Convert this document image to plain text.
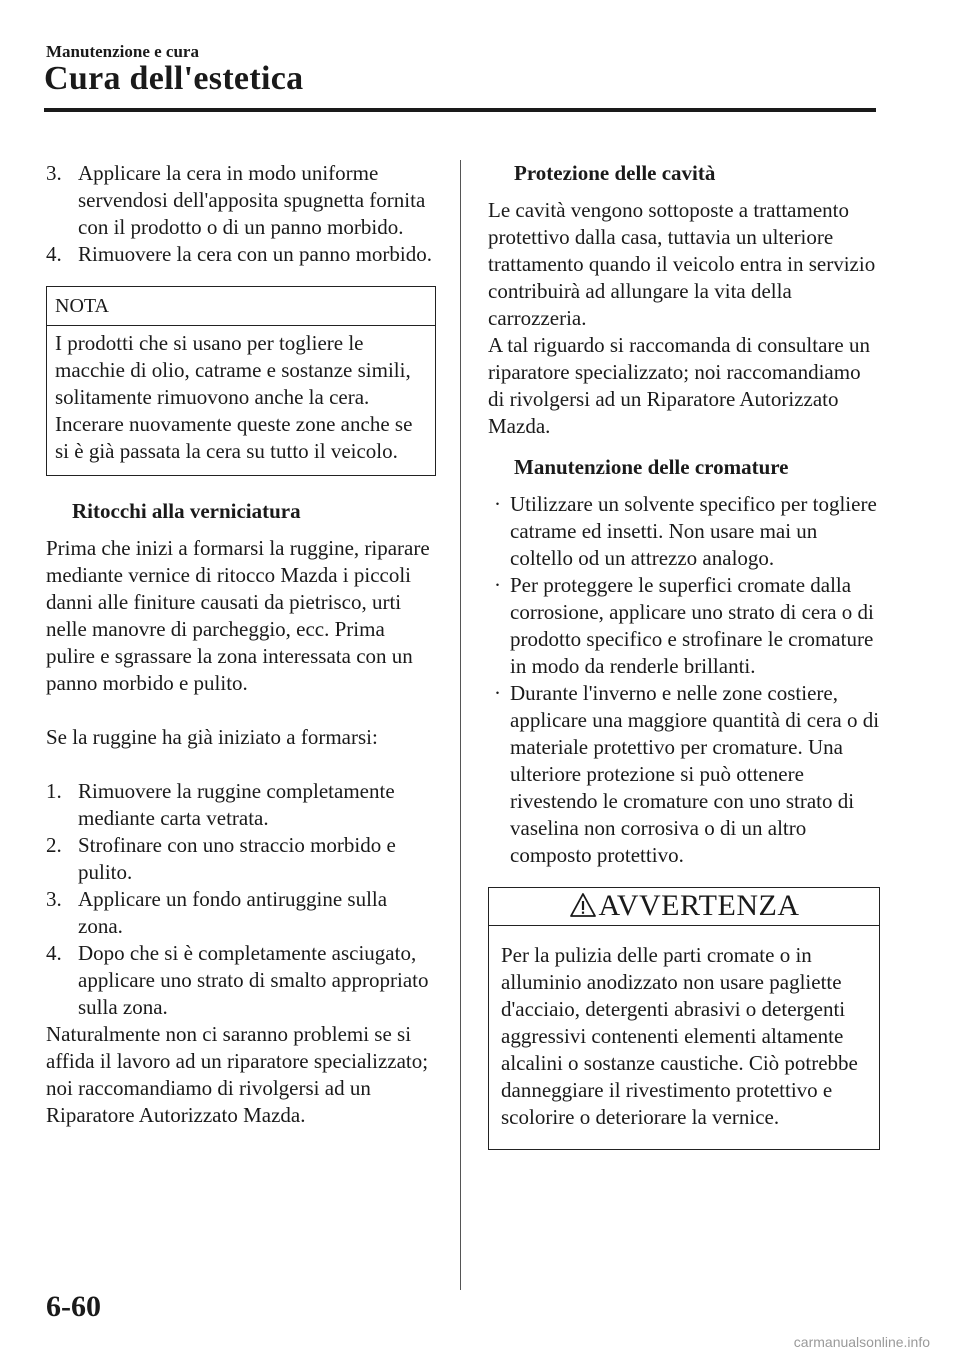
Manutenzione e cura
Cura dell'estetica
3. Applicare la cera in modo uniforme servendosi dell'apposita spugnetta fornita con il prodotto o di un panno morbido.
4. Rimuovere la cera con un panno morbido.
NOTA
I prodotti che si usano per togliere le macchie di olio, catrame e sostanze simili, solitamente rimuovono anche la cera. Incerare nuovamente queste zone anche se si è già passata la cera su tutto il veicolo.
Ritocchi alla verniciatura

Prima che inizi a formarsi la ruggine, riparare mediante vernice di ritocco Mazda i piccoli danni alle finiture causati da pietrisco, urti nelle manovre di parcheggio, ecc. Prima pulire e sgrassare la zona interessata con un panno morbido e pulito.

Se la ruggine ha già iniziato a formarsi:

1. Rimuovere la ruggine completamente mediante carta vetrata.
2. Strofinare con uno straccio morbido e pulito.
3. Applicare un fondo antiruggine sulla zona.
4. Dopo che si è completamente asciugato, applicare uno strato di smalto appropriato sulla zona.

Naturalmente non ci saranno problemi se si affida il lavoro ad un riparatore specializzato; noi raccomandiamo di rivolgersi ad un Riparatore Autorizzato Mazda.

Protezione delle cavità

Le cavità vengono sottoposte a trattamento protettivo dalla casa, tuttavia un ulteriore trattamento quando il veicolo entra in servizio contribuirà ad allungare la vita della carrozzeria.

A tal riguardo si raccomanda di consultare un riparatore specializzato; noi raccomandiamo di rivolgersi ad un Riparatore Autorizzato Mazda.

Manutenzione delle cromature
· Utilizzare un solvente specifico per togliere catrame ed insetti. Non usare mai un coltello od un attrezzo analogo.
· Per proteggere le superfici cromate dalla corrosione, applicare uno strato di cera o di prodotto specifico e strofinare le cromature in modo da renderle brillanti.
· Durante l'inverno e nelle zone costiere, applicare una maggiore quantità di cera o di materiale protettivo per cromature. Una ulteriore protezione si può ottenere rivestendo le cromature con uno strato di vaselina non corrosiva o di un altro composto protettivo.
AVVERTENZA
Per la pulizia delle parti cromate o in alluminio anodizzato non usare pagliette d'acciaio, detergenti abrasivi o detergenti aggressivi contenenti elementi altamente alcalini o sostanze caustiche. Ciò potrebbe danneggiare il rivestimento protettivo e scolorire o deteriorare la vernice.
6-60
carmanualsonline.info
